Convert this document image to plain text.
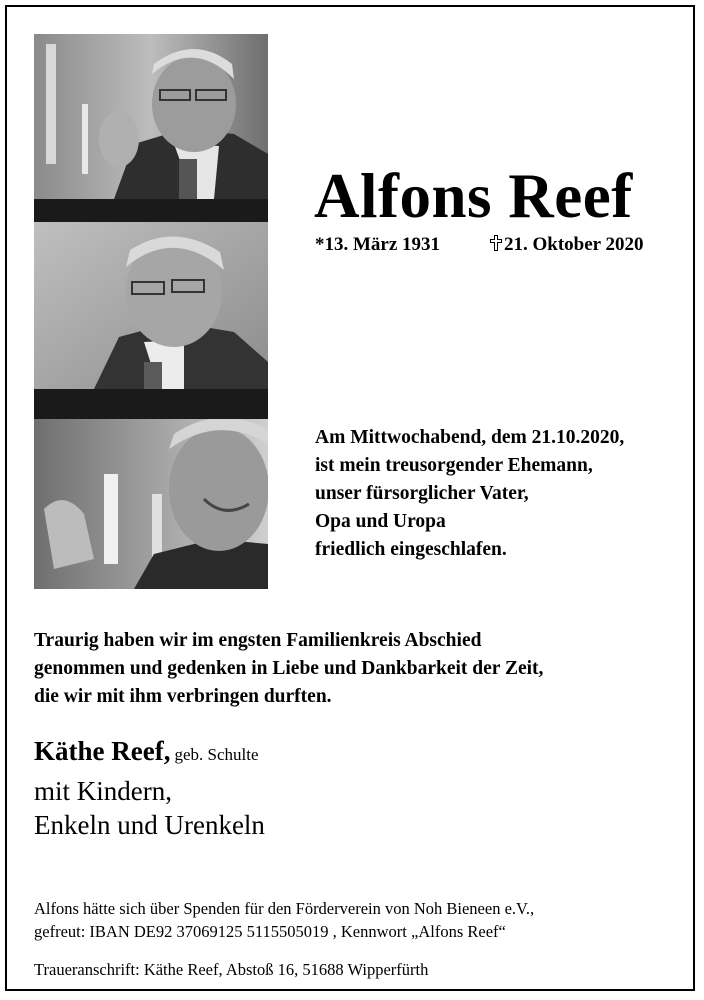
Alfons Reef
*13. März 1931	21. Oktober 2020
Am Mittwochabend, dem 21.10.2020,
ist mein treusorgender Ehemann,
unser fürsorglicher Vater,
Opa und Uropa
friedlich eingeschlafen.
Traurig haben wir im engsten Familienkreis Abschied
genommen und gedenken in Liebe und Dankbarkeit der Zeit,
die wir mit ihm verbringen durften.
Käthe Reef, geb. Schulte
mit Kindern,
Enkeln und Urenkeln
Alfons hätte sich über Spenden für den Förderverein von Noh Bieneen e.V.,
gefreut: IBAN DE92 37069125 5115505019 , Kennwort „Alfons Reef“
Traueranschrift: Käthe Reef, Abstoß 16, 51688 Wipperfürth
